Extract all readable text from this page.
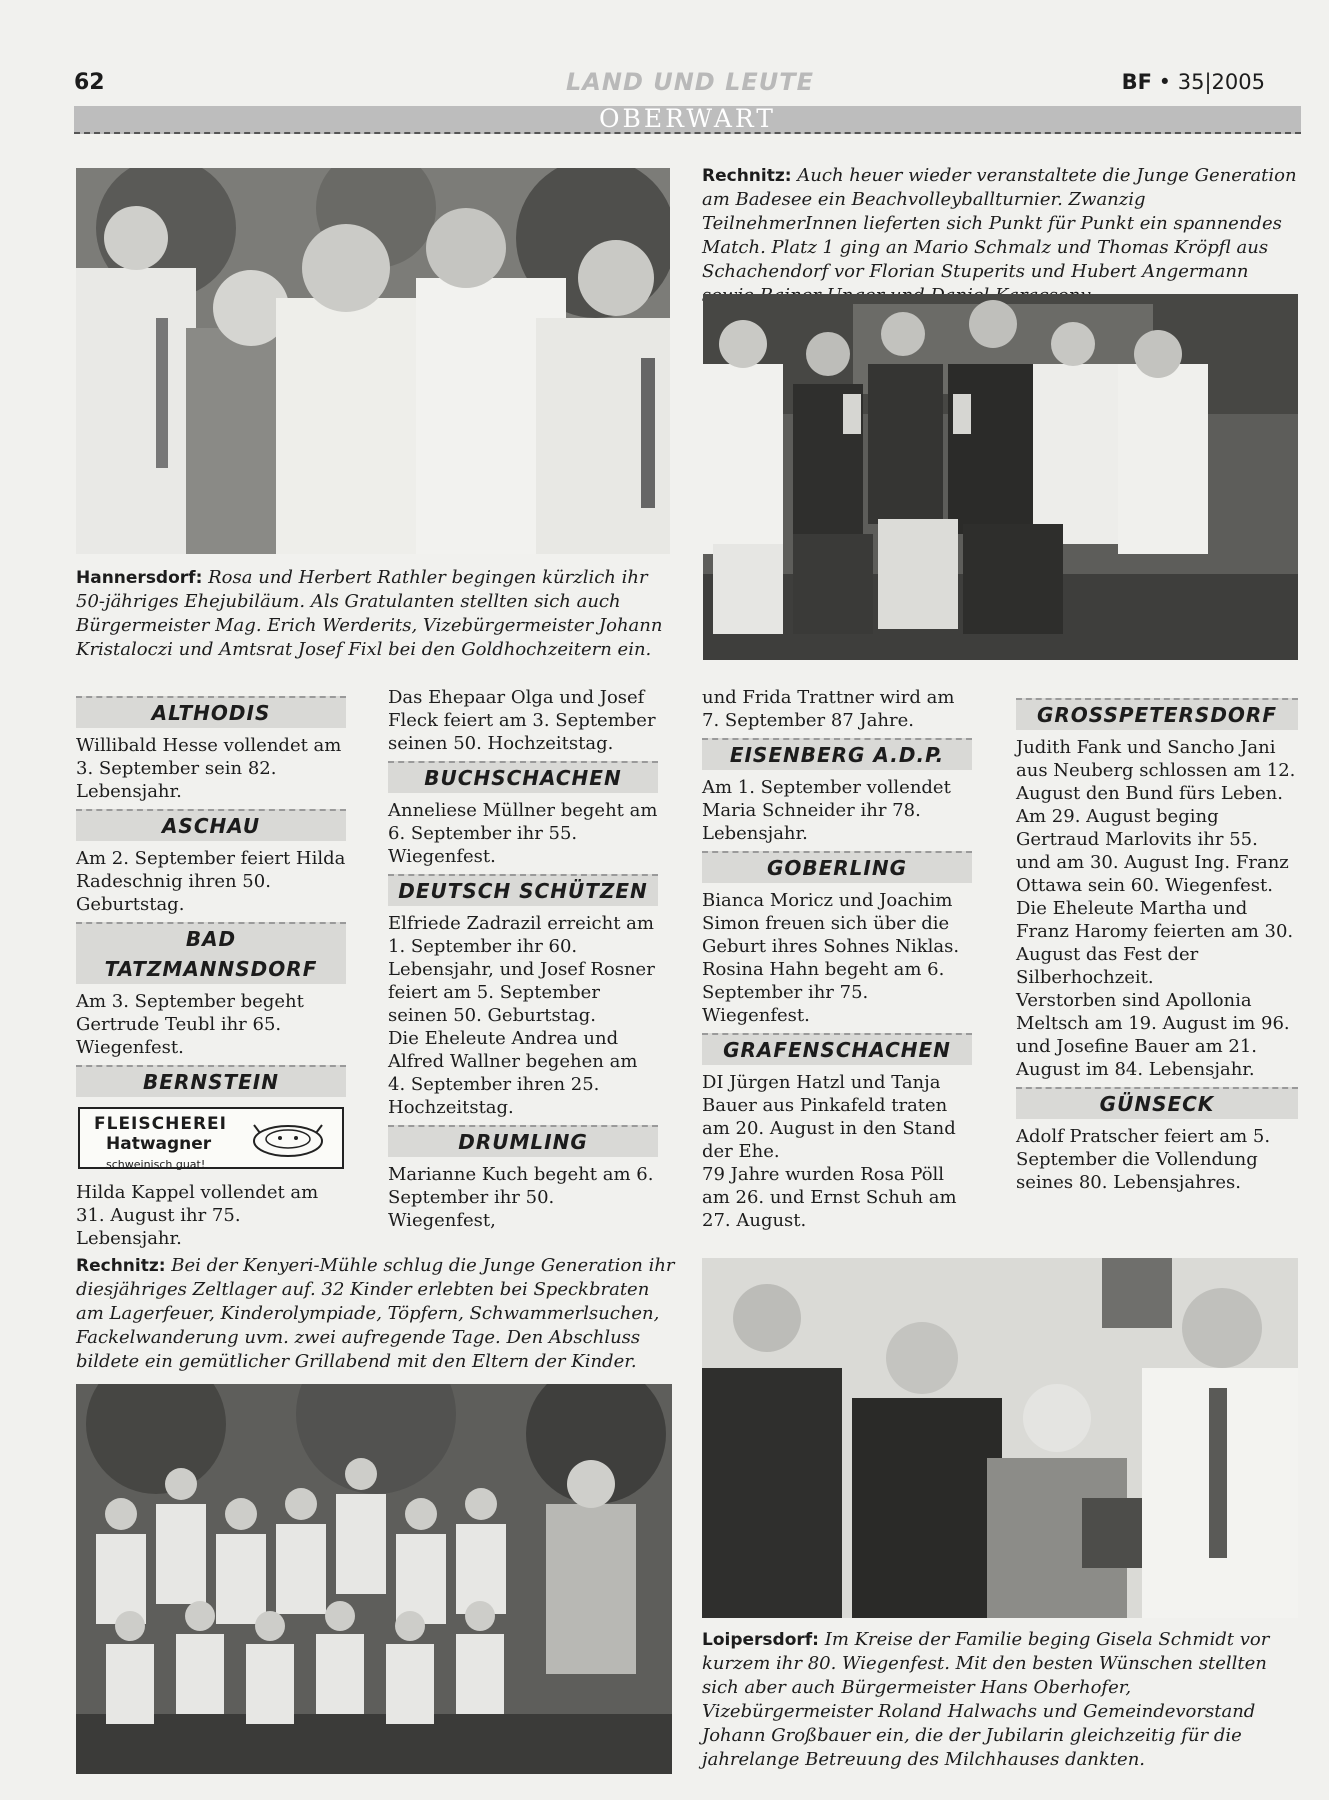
62	LAND UND LEUTE	BF • 35|2005
OBERWART
Hannersdorf: Rosa und Herbert Rathler begingen kürzlich ihr 50-jähriges Ehejubiläum. Als Gratulanten stellten sich auch Bürgermeister Mag. Erich Werderits, Vizebürgermeister Johann Kristaloczi und Amtsrat Josef Fixl bei den Goldhochzeitern ein.
Rechnitz: Auch heuer wieder veranstaltete die Junge Generation am Badesee ein Beachvolleyballturnier. Zwanzig TeilnehmerInnen lieferten sich Punkt für Punkt ein spannendes Match. Platz 1 ging an Mario Schmalz und Thomas Kröpfl aus Schachendorf vor Florian Stuperits und Hubert Angermann
ALTHODIS

Willibald Hesse vollendet am 3. September sein 82. Lebensjahr.

ASCHAU

Am 2. September feiert Hilda Radeschnig ihren 50. Geburtstag.

BAD TATZMANNSDORF

Am 3. September begeht Gertrude Teubl ihr 65. Wiegenfest.

BERNSTEIN
FLEISCHEREI
Hatwagner
schweinisch guat!

Hilda Kappel vollendet am 31. August ihr 75. Lebensjahr.

Das Ehepaar Olga und Josef Fleck feiert am 3. September seinen 50. Hochzeitstag.

BUCHSCHACHEN

Anneliese Müllner begeht am 6. September ihr 55. Wiegenfest.

DEUTSCH SCHÜTZEN

Elfriede Zadrazil erreicht am 1. September ihr 60. Lebensjahr, und Josef Rosner feiert am 5. September seinen 50. Geburtstag.

Die Eheleute Andrea und Alfred Wallner begehen am 4. September ihren 25. Hochzeitstag.

DRUMLING

Marianne Kuch begeht am 6. September ihr 50. Wiegenfest,

und Frida Trattner wird am 7. September 87 Jahre.

EISENBERG A.D.P.

Am 1. September vollendet Maria Schneider ihr 78. Lebensjahr.

GOBERLING

Bianca Moricz und Joachim Simon freuen sich über die Geburt ihres Sohnes Niklas.

Rosina Hahn begeht am 6. September ihr 75. Wiegenfest.

GRAFENSCHACHEN

DI Jürgen Hatzl und Tanja Bauer aus Pinkafeld traten am 20. August in den Stand der Ehe.

79 Jahre wurden Rosa Pöll am 26. und Ernst Schuh am 27. August.

GROSSPETERSDORF

Judith Fank und Sancho Jani aus Neuberg schlossen am 12. August den Bund fürs Leben.

Am 29. August beging Gertraud Marlovits ihr 55. und am 30. August Ing. Franz Ottawa sein 60. Wiegenfest.

Die Eheleute Martha und Franz Haromy feierten am 30. August das Fest der Silberhochzeit.

Verstorben sind Apollonia Meltsch am 19. August im 96. und Josefine Bauer am 21. August im 84. Lebensjahr.

GÜNSECK

Adolf Pratscher feiert am 5. September die Vollendung seines 80. Lebensjahres.

Rechnitz: Bei der Kenyeri-Mühle schlug die Junge Generation ihr diesjähriges Zeltlager auf. 32 Kinder erlebten bei Speckbraten am Lagerfeuer, Kinderolympiade, Töpfern, Schwammerlsuchen, Fackelwanderung uvm. zwei aufregende Tage. Den Abschluss bildete ein gemütlicher Grillabend mit den Eltern der Kinder.
Loipersdorf: Im Kreise der Familie beging Gisela Schmidt vor kurzem ihr 80. Wiegenfest. Mit den besten Wünschen stellten sich aber auch Bürgermeister Hans Oberhofer, Vizebürgermeister Roland Halwachs und Gemeindevorstand Johann Großbauer ein, die der Jubilarin gleichzeitig für die jahrelange Betreuung des Milchhauses dankten.
